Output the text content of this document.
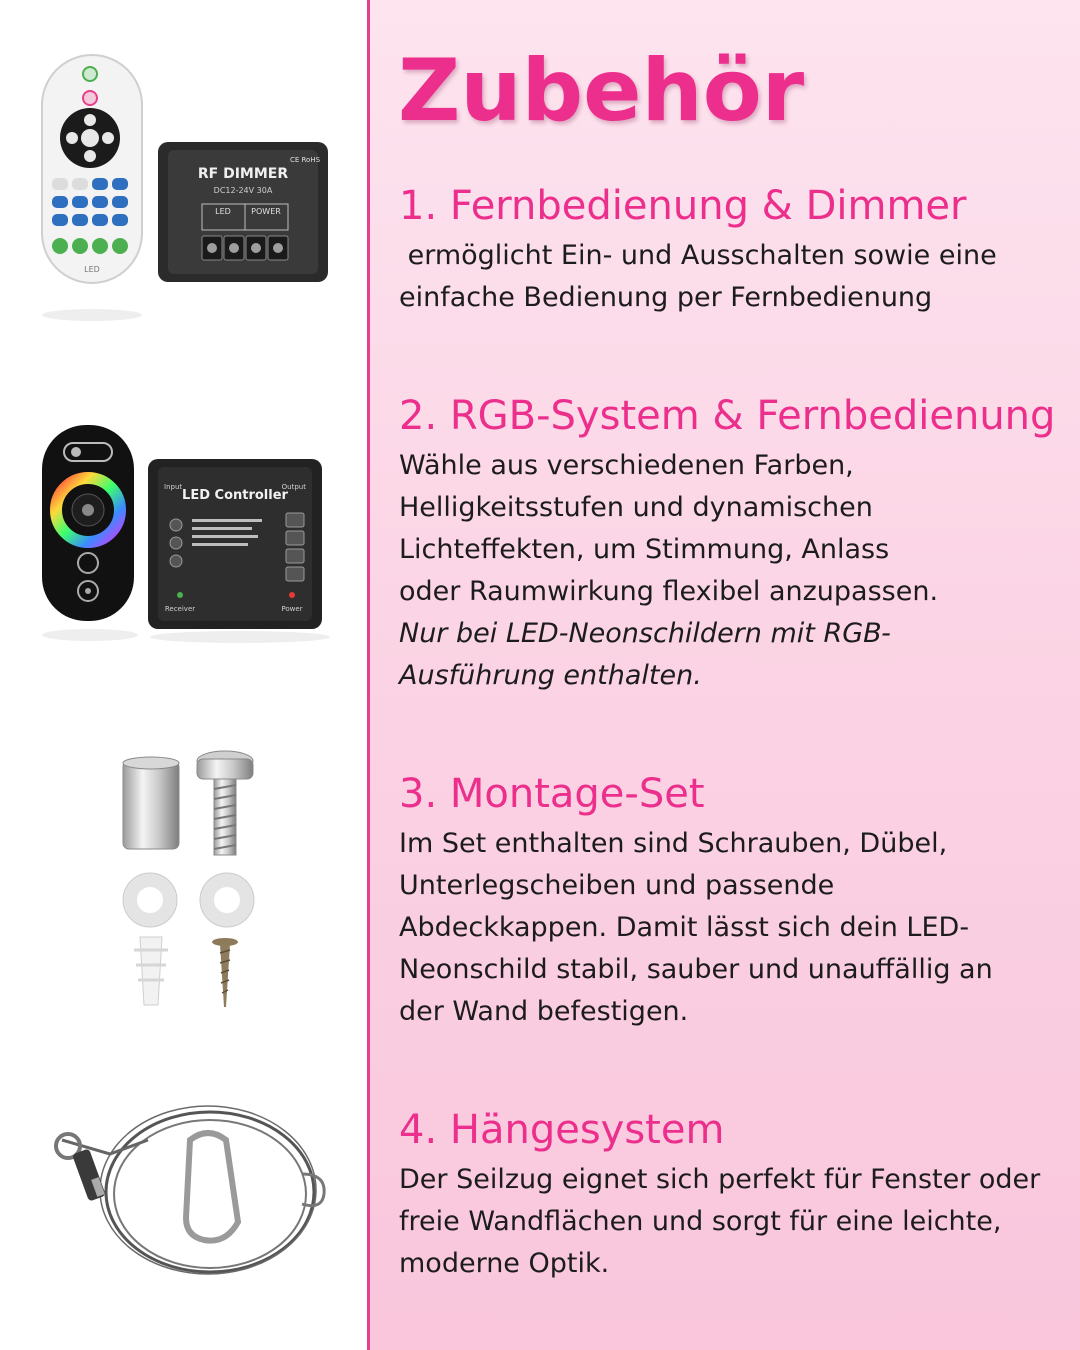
LED
RF DIMMER
DC12-24V 30A
CE RoHS
LED	POWER
LED Controller
Input	Output
Receiver	Power
Zubehör
1. Fernbedienung & Dimmer

ermöglicht Ein- und Ausschalten sowie eine einfache Bedienung per Fernbedienung

2. RGB-System & Fernbedienung

Wähle aus verschiedenen Farben, Helligkeitsstufen und dynamischen Lichteffekten, um Stimmung, Anlass oder Raumwirkung flexibel anzupassen.

Nur bei LED-Neonschildern mit RGB-Ausführung enthalten.

3. Montage-Set

Im Set enthalten sind Schrauben, Dübel, Unterlegscheiben und passende Abdeckkappen. Damit lässt sich dein LED-Neonschild stabil, sauber und unauffällig an der Wand befestigen.

4. Hängesystem

Der Seilzug eignet sich perfekt für Fenster oder freie Wandflächen und sorgt für eine leichte, moderne Optik.
